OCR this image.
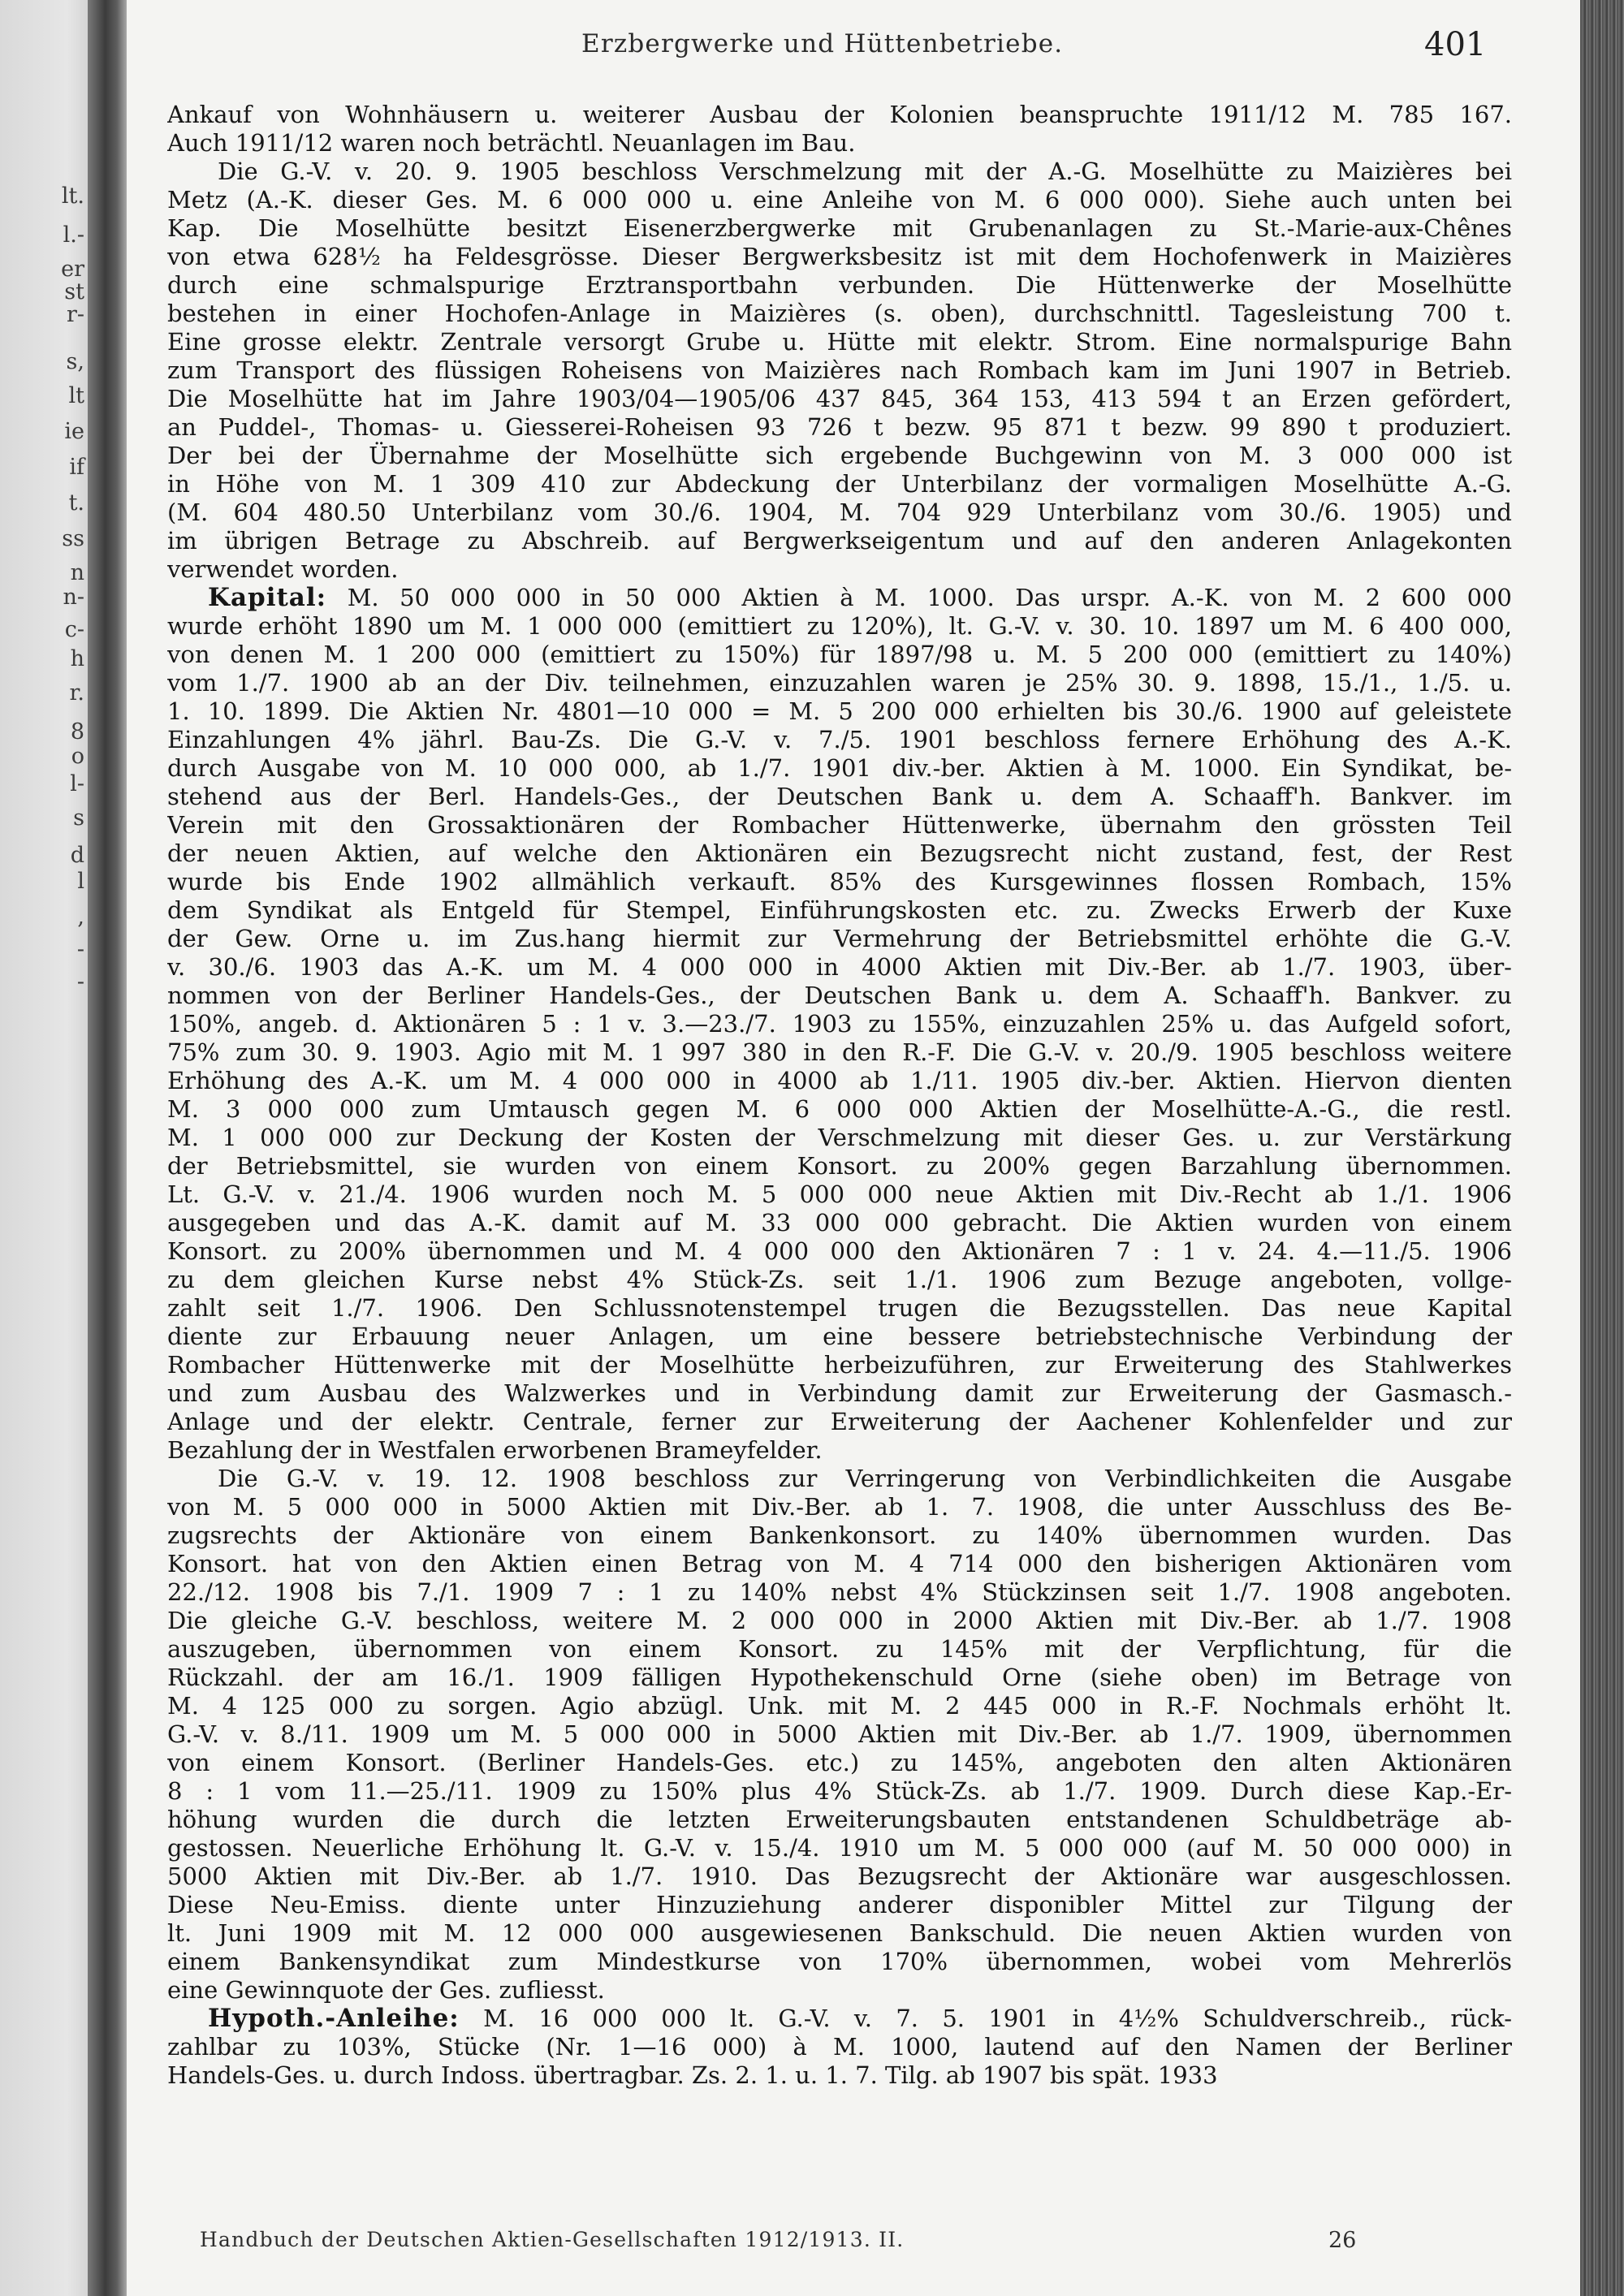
lt.
l.-
er
st
r-
s,
lt
ie
if
t.
ss
n
n-
c-
h
r.
8
o
l-
s
d
l
,
-
-
Erzbergwerke und Hüttenbetriebe.	401
Ankauf von Wohnhäusern u. weiterer Ausbau der Kolonien beanspruchte 1911/12 M. 785 167.
Auch 1911/12 waren noch beträchtl. Neuanlagen im Bau.
Die G.-V. v. 20. 9. 1905 beschloss Verschmelzung mit der A.-G. Moselhütte zu Maizières bei
Metz (A.-K. dieser Ges. M. 6 000 000 u. eine Anleihe von M. 6 000 000). Siehe auch unten bei
Kap. Die Moselhütte besitzt Eisenerzbergwerke mit Grubenanlagen zu St.-Marie-aux-Chênes
von etwa 628½ ha Feldesgrösse. Dieser Bergwerksbesitz ist mit dem Hochofenwerk in Maizières
durch eine schmalspurige Erztransportbahn verbunden. Die Hüttenwerke der Moselhütte
bestehen in einer Hochofen-Anlage in Maizières (s. oben), durchschnittl. Tagesleistung 700 t.
Eine grosse elektr. Zentrale versorgt Grube u. Hütte mit elektr. Strom. Eine normalspurige Bahn
zum Transport des flüssigen Roheisens von Maizières nach Rombach kam im Juni 1907 in Betrieb.
Die Moselhütte hat im Jahre 1903/04—1905/06 437 845, 364 153, 413 594 t an Erzen gefördert,
an Puddel-, Thomas- u. Giesserei-Roheisen 93 726 t bezw. 95 871 t bezw. 99 890 t produziert.
Der bei der Übernahme der Moselhütte sich ergebende Buchgewinn von M. 3 000 000 ist
in Höhe von M. 1 309 410 zur Abdeckung der Unterbilanz der vormaligen Moselhütte A.-G.
(M. 604 480.50 Unterbilanz vom 30./6. 1904, M. 704 929 Unterbilanz vom 30./6. 1905) und
im übrigen Betrage zu Abschreib. auf Bergwerkseigentum und auf den anderen Anlagekonten
verwendet worden.
Kapital: M. 50 000 000 in 50 000 Aktien à M. 1000. Das urspr. A.-K. von M. 2 600 000
wurde erhöht 1890 um M. 1 000 000 (emittiert zu 120%), lt. G.-V. v. 30. 10. 1897 um M. 6 400 000,
von denen M. 1 200 000 (emittiert zu 150%) für 1897/98 u. M. 5 200 000 (emittiert zu 140%)
vom 1./7. 1900 ab an der Div. teilnehmen, einzuzahlen waren je 25% 30. 9. 1898, 15./1., 1./5. u.
1. 10. 1899. Die Aktien Nr. 4801—10 000 = M. 5 200 000 erhielten bis 30./6. 1900 auf geleistete
Einzahlungen 4% jährl. Bau-Zs. Die G.-V. v. 7./5. 1901 beschloss fernere Erhöhung des A.-K.
durch Ausgabe von M. 10 000 000, ab 1./7. 1901 div.-ber. Aktien à M. 1000. Ein Syndikat, be-
stehend aus der Berl. Handels-Ges., der Deutschen Bank u. dem A. Schaaff'h. Bankver. im
Verein mit den Grossaktionären der Rombacher Hüttenwerke, übernahm den grössten Teil
der neuen Aktien, auf welche den Aktionären ein Bezugsrecht nicht zustand, fest, der Rest
wurde bis Ende 1902 allmählich verkauft. 85% des Kursgewinnes flossen Rombach, 15%
dem Syndikat als Entgeld für Stempel, Einführungskosten etc. zu. Zwecks Erwerb der Kuxe
der Gew. Orne u. im Zus.hang hiermit zur Vermehrung der Betriebsmittel erhöhte die G.-V.
v. 30./6. 1903 das A.-K. um M. 4 000 000 in 4000 Aktien mit Div.-Ber. ab 1./7. 1903, über-
nommen von der Berliner Handels-Ges., der Deutschen Bank u. dem A. Schaaff'h. Bankver. zu
150%, angeb. d. Aktionären 5 : 1 v. 3.—23./7. 1903 zu 155%, einzuzahlen 25% u. das Aufgeld sofort,
75% zum 30. 9. 1903. Agio mit M. 1 997 380 in den R.-F. Die G.-V. v. 20./9. 1905 beschloss weitere
Erhöhung des A.-K. um M. 4 000 000 in 4000 ab 1./11. 1905 div.-ber. Aktien. Hiervon dienten
M. 3 000 000 zum Umtausch gegen M. 6 000 000 Aktien der Moselhütte-A.-G., die restl.
M. 1 000 000 zur Deckung der Kosten der Verschmelzung mit dieser Ges. u. zur Verstärkung
der Betriebsmittel, sie wurden von einem Konsort. zu 200% gegen Barzahlung übernommen.
Lt. G.-V. v. 21./4. 1906 wurden noch M. 5 000 000 neue Aktien mit Div.-Recht ab 1./1. 1906
ausgegeben und das A.-K. damit auf M. 33 000 000 gebracht. Die Aktien wurden von einem
Konsort. zu 200% übernommen und M. 4 000 000 den Aktionären 7 : 1 v. 24. 4.—11./5. 1906
zu dem gleichen Kurse nebst 4% Stück-Zs. seit 1./1. 1906 zum Bezuge angeboten, vollge-
zahlt seit 1./7. 1906. Den Schlussnotenstempel trugen die Bezugsstellen. Das neue Kapital
diente zur Erbauung neuer Anlagen, um eine bessere betriebstechnische Verbindung der
Rombacher Hüttenwerke mit der Moselhütte herbeizuführen, zur Erweiterung des Stahlwerkes
und zum Ausbau des Walzwerkes und in Verbindung damit zur Erweiterung der Gasmasch.-
Anlage und der elektr. Centrale, ferner zur Erweiterung der Aachener Kohlenfelder und zur
Bezahlung der in Westfalen erworbenen Brameyfelder.
Die G.-V. v. 19. 12. 1908 beschloss zur Verringerung von Verbindlichkeiten die Ausgabe
von M. 5 000 000 in 5000 Aktien mit Div.-Ber. ab 1. 7. 1908, die unter Ausschluss des Be-
zugsrechts der Aktionäre von einem Bankenkonsort. zu 140% übernommen wurden. Das
Konsort. hat von den Aktien einen Betrag von M. 4 714 000 den bisherigen Aktionären vom
22./12. 1908 bis 7./1. 1909 7 : 1 zu 140% nebst 4% Stückzinsen seit 1./7. 1908 angeboten.
Die gleiche G.-V. beschloss, weitere M. 2 000 000 in 2000 Aktien mit Div.-Ber. ab 1./7. 1908
auszugeben, übernommen von einem Konsort. zu 145% mit der Verpflichtung, für die
Rückzahl. der am 16./1. 1909 fälligen Hypothekenschuld Orne (siehe oben) im Betrage von
M. 4 125 000 zu sorgen. Agio abzügl. Unk. mit M. 2 445 000 in R.-F. Nochmals erhöht lt.
G.-V. v. 8./11. 1909 um M. 5 000 000 in 5000 Aktien mit Div.-Ber. ab 1./7. 1909, übernommen
von einem Konsort. (Berliner Handels-Ges. etc.) zu 145%, angeboten den alten Aktionären
8 : 1 vom 11.—25./11. 1909 zu 150% plus 4% Stück-Zs. ab 1./7. 1909. Durch diese Kap.-Er-
höhung wurden die durch die letzten Erweiterungsbauten entstandenen Schuldbeträge ab-
gestossen. Neuerliche Erhöhung lt. G.-V. v. 15./4. 1910 um M. 5 000 000 (auf M. 50 000 000) in
5000 Aktien mit Div.-Ber. ab 1./7. 1910. Das Bezugsrecht der Aktionäre war ausgeschlossen.
Diese Neu-Emiss. diente unter Hinzuziehung anderer disponibler Mittel zur Tilgung der
lt. Juni 1909 mit M. 12 000 000 ausgewiesenen Bankschuld. Die neuen Aktien wurden von
einem Bankensyndikat zum Mindestkurse von 170% übernommen, wobei vom Mehrerlös
eine Gewinnquote der Ges. zufliesst.
Hypoth.-Anleihe: M. 16 000 000 lt. G.-V. v. 7. 5. 1901 in 4½% Schuldverschreib., rück-
zahlbar zu 103%, Stücke (Nr. 1—16 000) à M. 1000, lautend auf den Namen der Berliner
Handels-Ges. u. durch Indoss. übertragbar. Zs. 2. 1. u. 1. 7. Tilg. ab 1907 bis spät. 1933
Handbuch der Deutschen Aktien-Gesellschaften 1912/1913. II.	26
